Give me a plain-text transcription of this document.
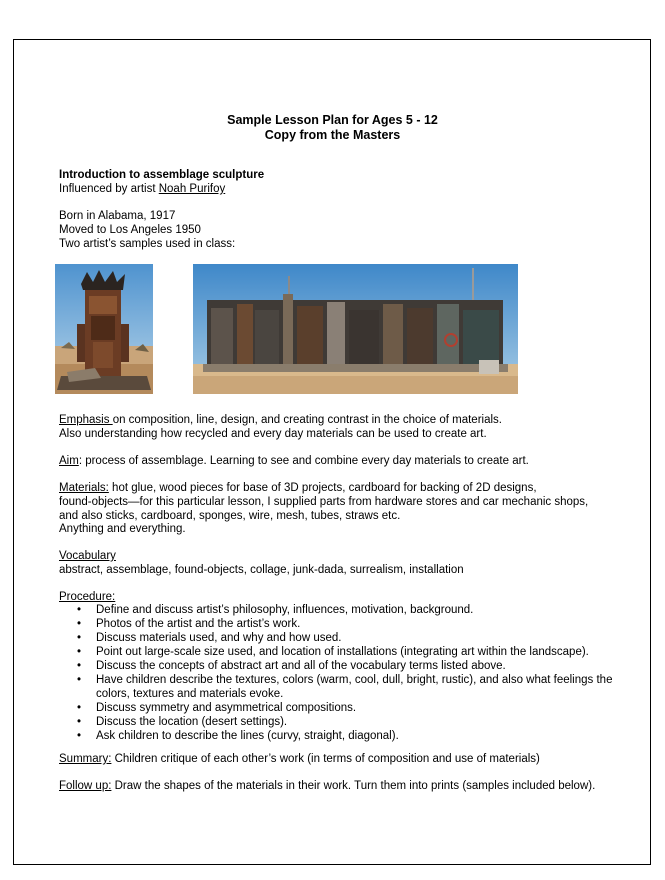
Sample Lesson Plan for Ages 5 - 12
Copy from the Masters
Introduction to assemblage sculpture
Influenced by artist Noah Purifoy
Born in Alabama, 1917
Moved to Los Angeles 1950
Two artist’s samples used in class:
Emphasis on composition, line, design, and creating contrast in the choice of materials.
Also understanding how recycled and every day materials can be used to create art.
Aim: process of assemblage. Learning to see and combine every day materials to create art.
Materials: hot glue, wood pieces for base of 3D projects, cardboard for backing of 2D designs,
found-objects—for this particular lesson, I supplied parts from hardware stores and car mechanic shops,
and also sticks, cardboard, sponges, wire, mesh, tubes, straws etc.
Anything and everything.
Vocabulary
abstract, assemblage, found-objects, collage, junk-dada, surrealism, installation
Procedure:
• Define and discuss artist’s philosophy, influences, motivation, background.
• Photos of the artist and the artist’s work.
• Discuss materials used, and why and how used.
• Point out large-scale size used, and location of installations (integrating art within the landscape).
• Discuss the concepts of abstract art and all of the vocabulary terms listed above.
• Have children describe the textures, colors (warm, cool, dull, bright, rustic), and also what feelings the colors, textures and materials evoke.
• Discuss symmetry and asymmetrical compositions.
• Discuss the location (desert settings).
• Ask children to describe the lines (curvy, straight, diagonal).
Summary: Children critique of each other’s work (in terms of composition and use of materials)
Follow up: Draw the shapes of the materials in their work. Turn them into prints (samples included below).
